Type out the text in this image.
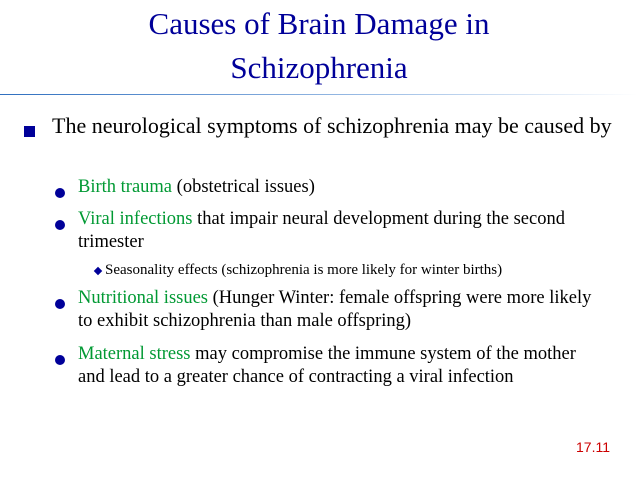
Causes of Brain Damage in
Schizophrenia
The neurological symptoms of schizophrenia may be caused by
Birth trauma (obstetrical issues)
Viral infections that impair neural development during the second trimester
Seasonality effects (schizophrenia is more likely for winter births)
Nutritional issues (Hunger Winter: female offspring were more likely to exhibit schizophrenia than male offspring)
Maternal stress may compromise the immune system of the mother and lead to a greater chance of contracting a viral infection
17.11
